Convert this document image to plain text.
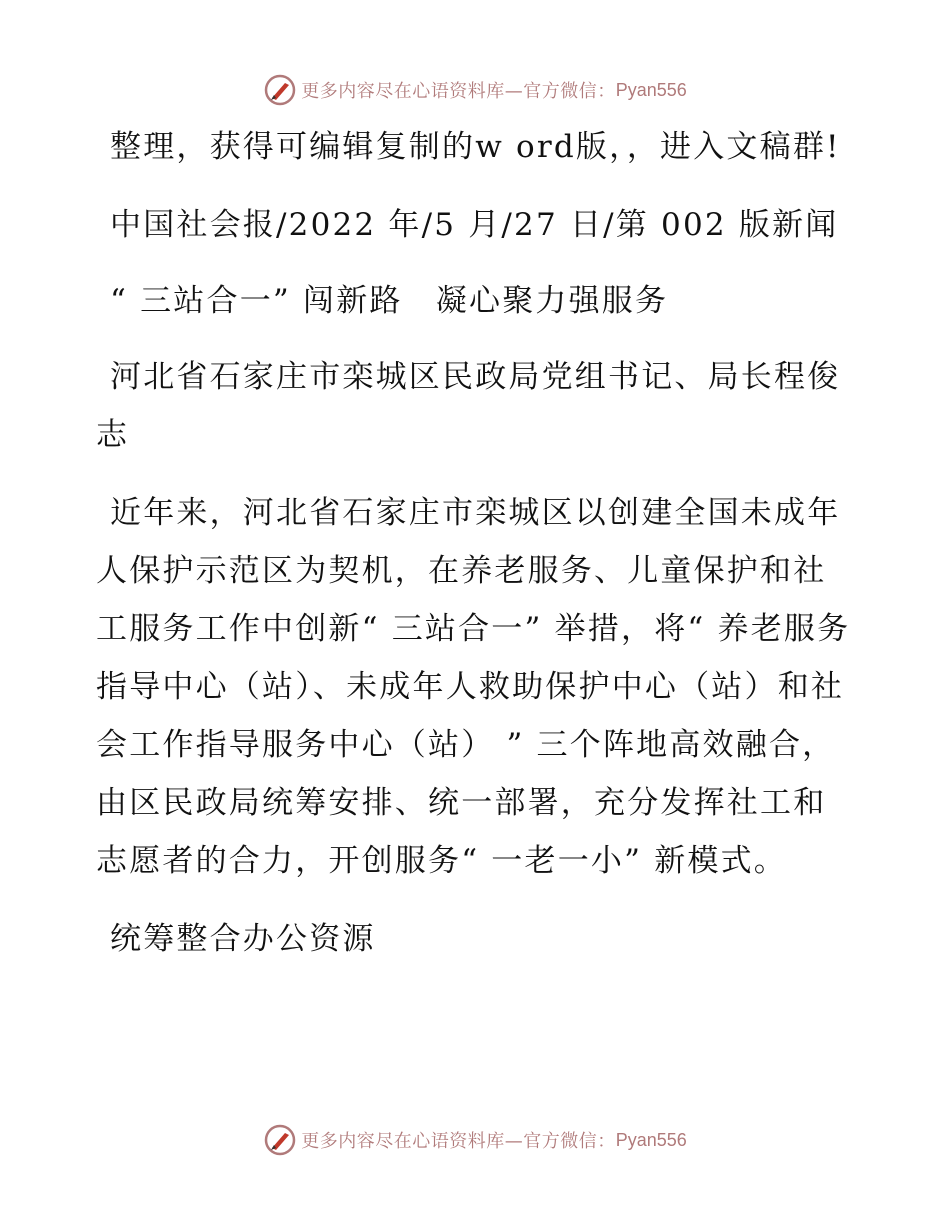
更多内容尽在心语资料库—官方微信： Pyan556

整理，获得可编辑复制的w ord版，，进入文稿群!

中国社会报/2022 年/5 月/27 日/第 002 版新闻

“ 三站合一” 闯新路　凝心聚力强服务

河北省石家庄市栾城区民政局党组书记、局长程俊志

近年来，河北省石家庄市栾城区以创建全国未成年人保护示范区为契机，在养老服务、儿童保护和社工服务工作中创新“ 三站合一” 举措，将“ 养老服务指导中心（站）、未成年人救助保护中心（站）和社会工作指导服务中心（站） ” 三个阵地高效融合，由区民政局统筹安排、统一部署，充分发挥社工和志愿者的合力，开创服务“ 一老一小” 新模式。

统筹整合办公资源

更多内容尽在心语资料库—官方微信： Pyan556
